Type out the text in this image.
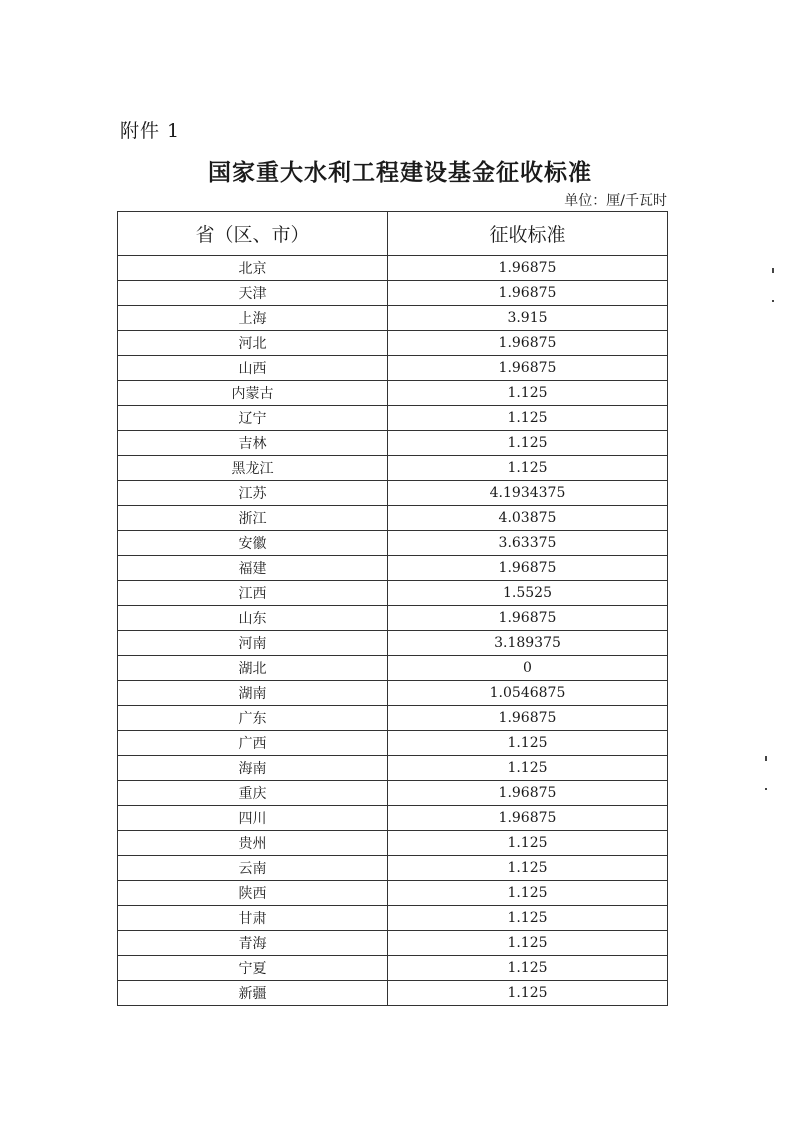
附件 1
国家重大水利工程建设基金征收标准
单位：厘/千瓦时
省（区、市）	征收标准
北京	1.96875
天津	1.96875
上海	3.915
河北	1.96875
山西	1.96875
内蒙古	1.125
辽宁	1.125
吉林	1.125
黑龙江	1.125
江苏	4.1934375
浙江	4.03875
安徽	3.63375
福建	1.96875
江西	1.5525
山东	1.96875
河南	3.189375
湖北	0
湖南	1.0546875
广东	1.96875
广西	1.125
海南	1.125
重庆	1.96875
四川	1.96875
贵州	1.125
云南	1.125
陕西	1.125
甘肃	1.125
青海	1.125
宁夏	1.125
新疆	1.125
